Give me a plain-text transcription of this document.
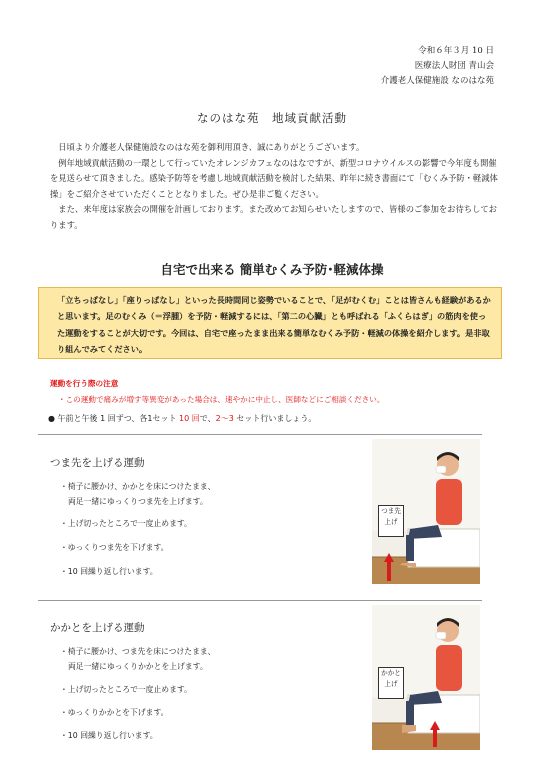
令和６年３月 10 日
医療法人財団 青山会
介護老人保健施設 なのはな苑
なのはな苑　地域貢献活動

日頃より介護老人保健施設なのはな苑を御利用頂き、誠にありがとうございます。

例年地域貢献活動の一環として行っていたオレンジカフェなのはなですが、新型コロナウイルスの影響で今年度も開催を見送らせて頂きました。感染予防等を考慮し地域貢献活動を検討した結果、昨年に続き書面にて「むくみ予防・軽減体操」をご紹介させていただくこととなりました。ぜひ是非ご覧ください。

また、来年度は家族会の開催を計画しております。また改めてお知らせいたしますので、皆様のご参加をお待ちしております。

自宅で出来る 簡単むくみ予防･軽減体操
「立ちっぱなし」「座りっぱなし」といった長時間同じ姿勢でいることで、「足がむくむ」ことは皆さんも経験があるかと思います。足のむくみ（＝浮腫）を予防・軽減するには、「第二の心臓」とも呼ばれる「ふくらはぎ」の筋肉を使った運動をすることが大切です。今回は、自宅で座ったまま出来る簡単なむくみ予防・軽減の体操を紹介します。是非取り組んでみてください。
運動を行う際の注意
・この運動で痛みが増す等異変があった場合は、速やかに中止し、医師などにご相談ください。
● 午前と午後 1 回ずつ、各1セット 10 回で、2～3 セット行いましょう。
つま先を上げる運動
・椅子に腰かけ、かかとを床につけたまま、
両足一緒にゆっくりつま先を上げます。
・上げ切ったところで一度止めます。
・ゆっくりつま先を下げます。
・10 回繰り返し行います。
つま先
上げ
かかとを上げる運動
・椅子に腰かけ、つま先を床につけたまま、
両足一緒にゆっくりかかとを上げます。
・上げ切ったところで一度止めます。
・ゆっくりかかとを下げます。
・10 回繰り返し行います。
かかと
上げ
